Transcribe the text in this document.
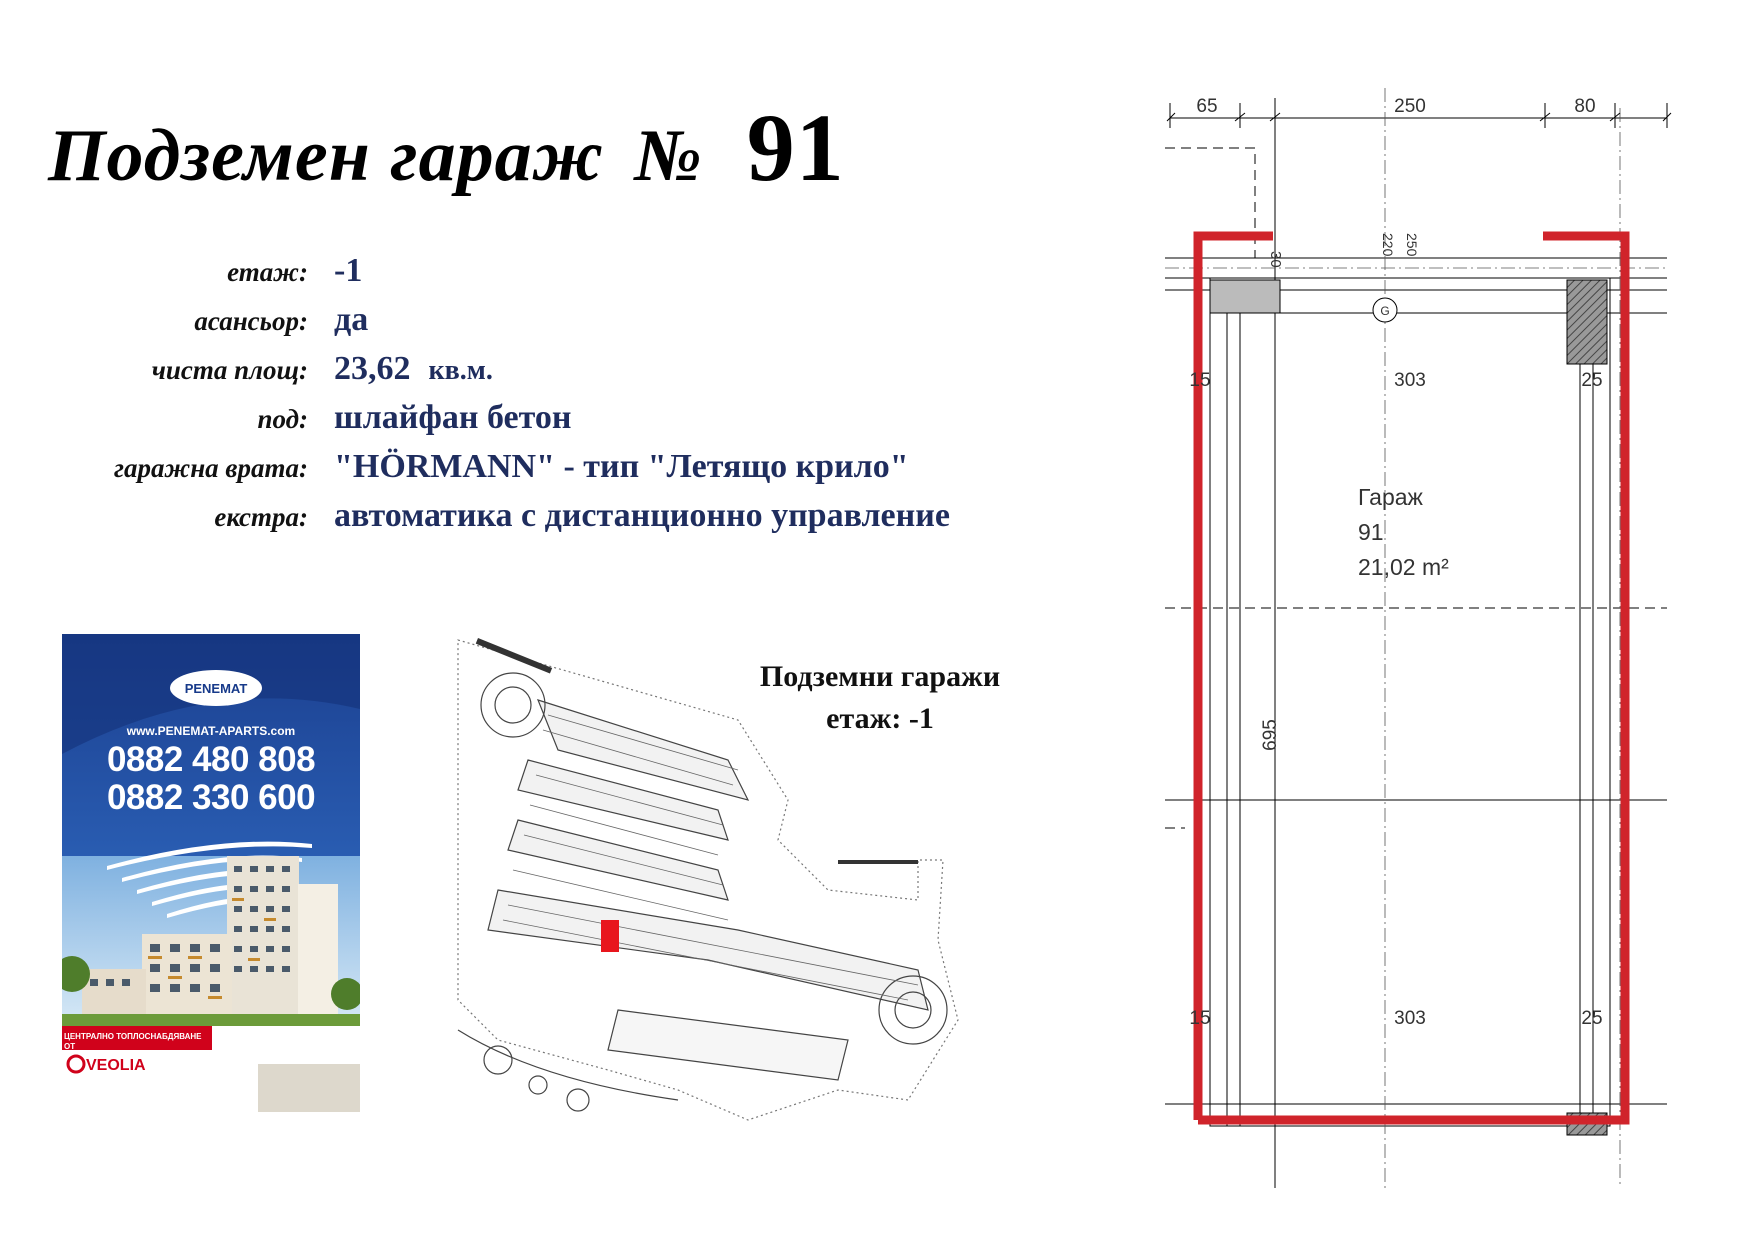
Подземен гараж № 91
етаж: -1
асансьор: да
чиста площ: 23,62 кв.м.
под: шлайфан бетон
гаражна врата: "HÖRMANN" - тип "Летящо крило"
екстра: автоматика с дистанционно управление
PENEMAT
www.PENEMAT-APARTS.com
0882 480 808
0882 330 600
ЦЕНТРАЛНО ТОПЛОСНАБДЯВАНЕ ОТ
VEOLIA
Подземни гаражи
етаж: -1
G
65	250	80
220 250
30
15	303	25
695
15	303	25
Гараж
91
21,02 m²
